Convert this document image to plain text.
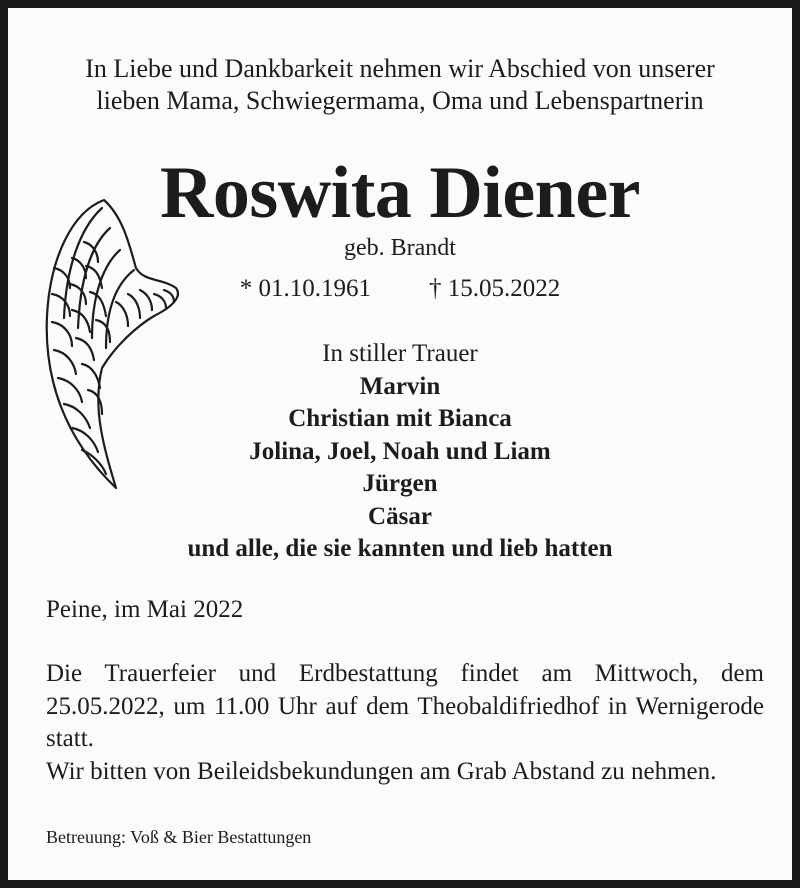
In Liebe und Dankbarkeit nehmen wir Abschied von unserer
lieben Mama, Schwiegermama, Oma und Lebenspartnerin
Roswita Diener
geb. Brandt
* 01.10.1961 † 15.05.2022
In stiller Trauer
Marvin
Christian mit Bianca
Jolina, Joel, Noah und Liam
Jürgen
Cäsar
und alle, die sie kannten und lieb hatten
Peine, im Mai 2022

Die Trauerfeier und Erdbestattung findet am Mittwoch, dem 25.05.2022, um 11.00 Uhr auf dem Theobaldifriedhof in Wernigerode statt.

Wir bitten von Beileidsbekundungen am Grab Abstand zu nehmen.

Betreuung: Voß & Bier Bestattungen
